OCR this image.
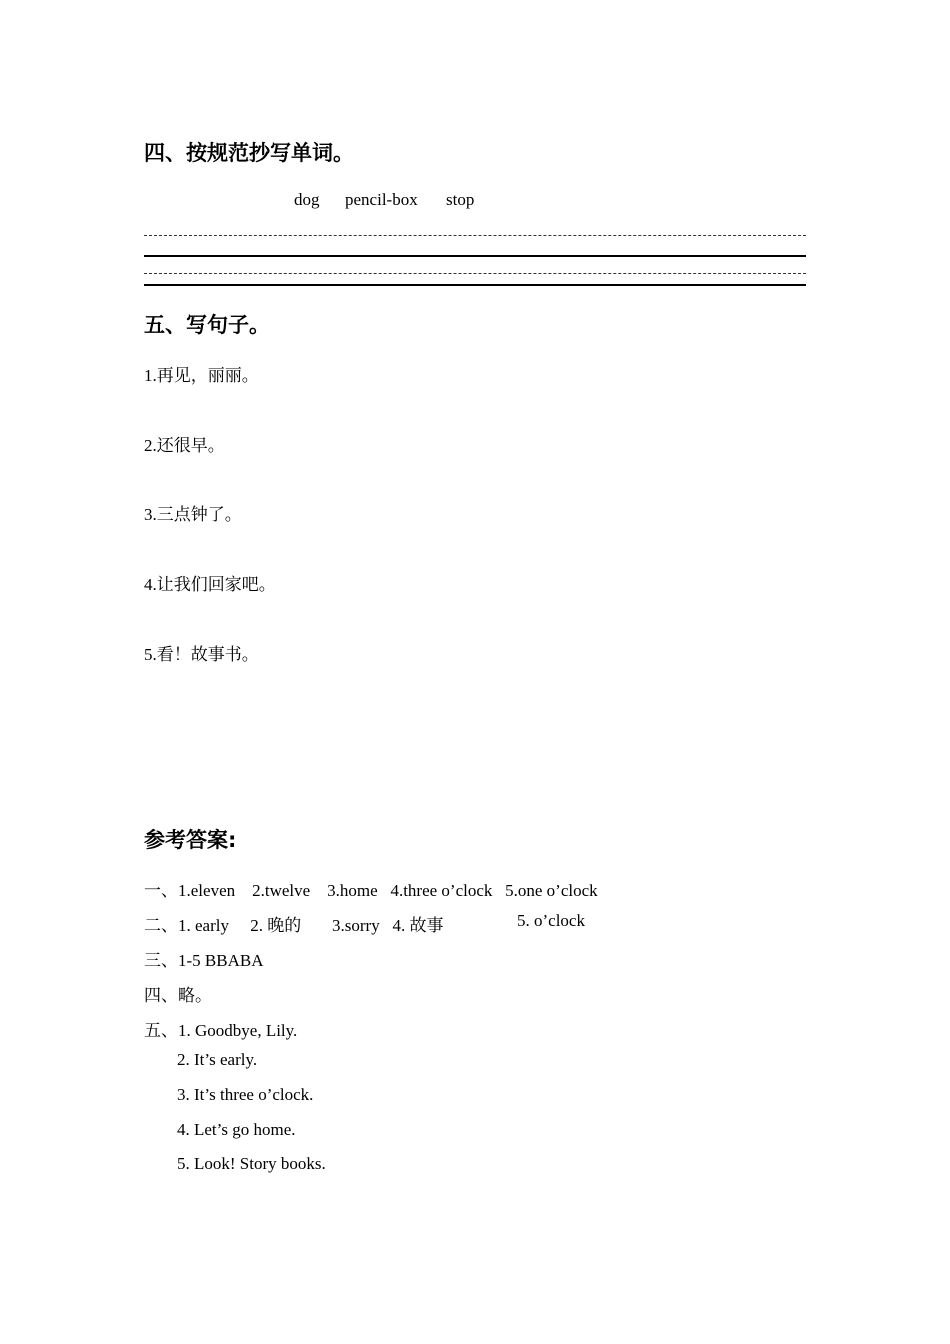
四、按规范抄写单词。
dog pencil-box stop
五、写句子。
1.再见，丽丽。
2.还很早。
3.三点钟了。
4.让我们回家吧。
5.看！故事书。
参考答案:
一、1.eleven    2.twelve    3.home   4.three o’clock   5.one o’clock
二、1. early     2. 晚的 3.sorry   4. 故事	5. o’clock
三、1-5 BBABA
四、略。
五、1. Goodbye, Lily.
2. It’s early.
3. It’s three o’clock.
4. Let’s go home.
5. Look! Story books.
